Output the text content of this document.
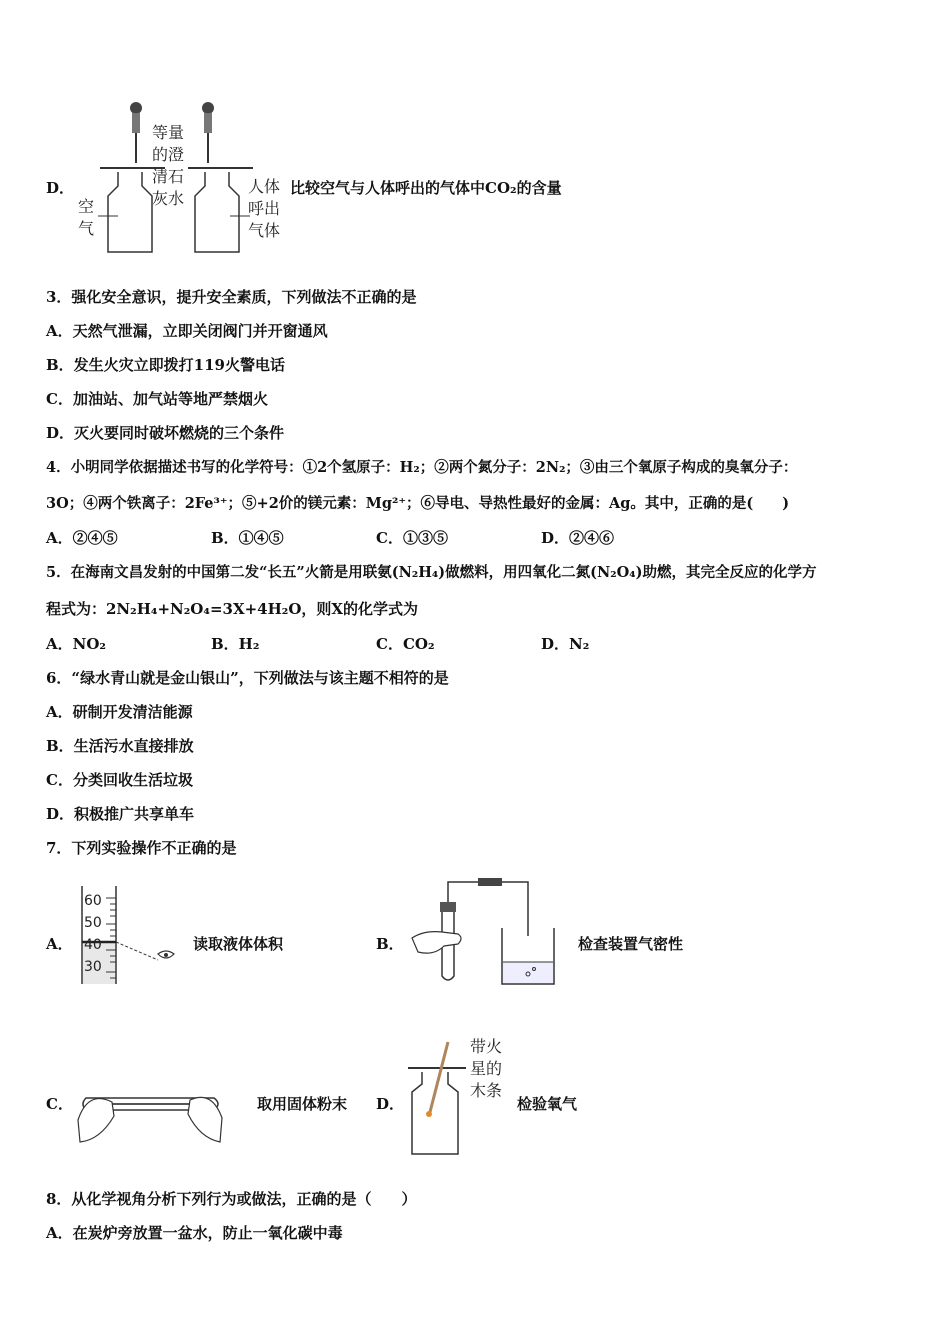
D．
等量
的澄
清石
灰水
空
气
人体
呼出
气体
比较空气与人体呼出的气体中CO₂的含量
3．强化安全意识，提升安全素质，下列做法不正确的是
A．天然气泄漏，立即关闭阀门并开窗通风
B．发生火灾立即拨打119火警电话
C．加油站、加气站等地严禁烟火
D．灭火要同时破坏燃烧的三个条件
4．小明同学依据描述书写的化学符号：①2个氢原子：H₂；②两个氮分子：2N₂；③由三个氧原子构成的臭氧分子：
3O；④两个铁离子：2Fe³⁺；⑤+2价的镁元素：Mg²⁺；⑥导电、导热性最好的金属：Ag。其中，正确的是(　　)
A．②④⑤	B．①④⑤	C．①③⑤	D．②④⑥
5．在海南文昌发射的中国第二发“长五”火箭是用联氨(N₂H₄)做燃料，用四氧化二氮(N₂O₄)助燃，其完全反应的化学方
程式为：2N₂H₄+N₂O₄=3X+4H₂O，则X的化学式为
A．NO₂	B．H₂	C．CO₂	D．N₂
6．“绿水青山就是金山银山”，下列做法与该主题不相符的是
A．研制开发清洁能源
B．生活污水直接排放
C．分类回收生活垃圾
D．积极推广共享单车
7．下列实验操作不正确的是
A．
60
50
40
30
读取液体体积	B．	检查装置气密性
C．	取用固体粉末 D．
带火
星的
木条
检验氧气
8．从化学视角分析下列行为或做法，正确的是（　　）
A．在炭炉旁放置一盆水，防止一氧化碳中毒
